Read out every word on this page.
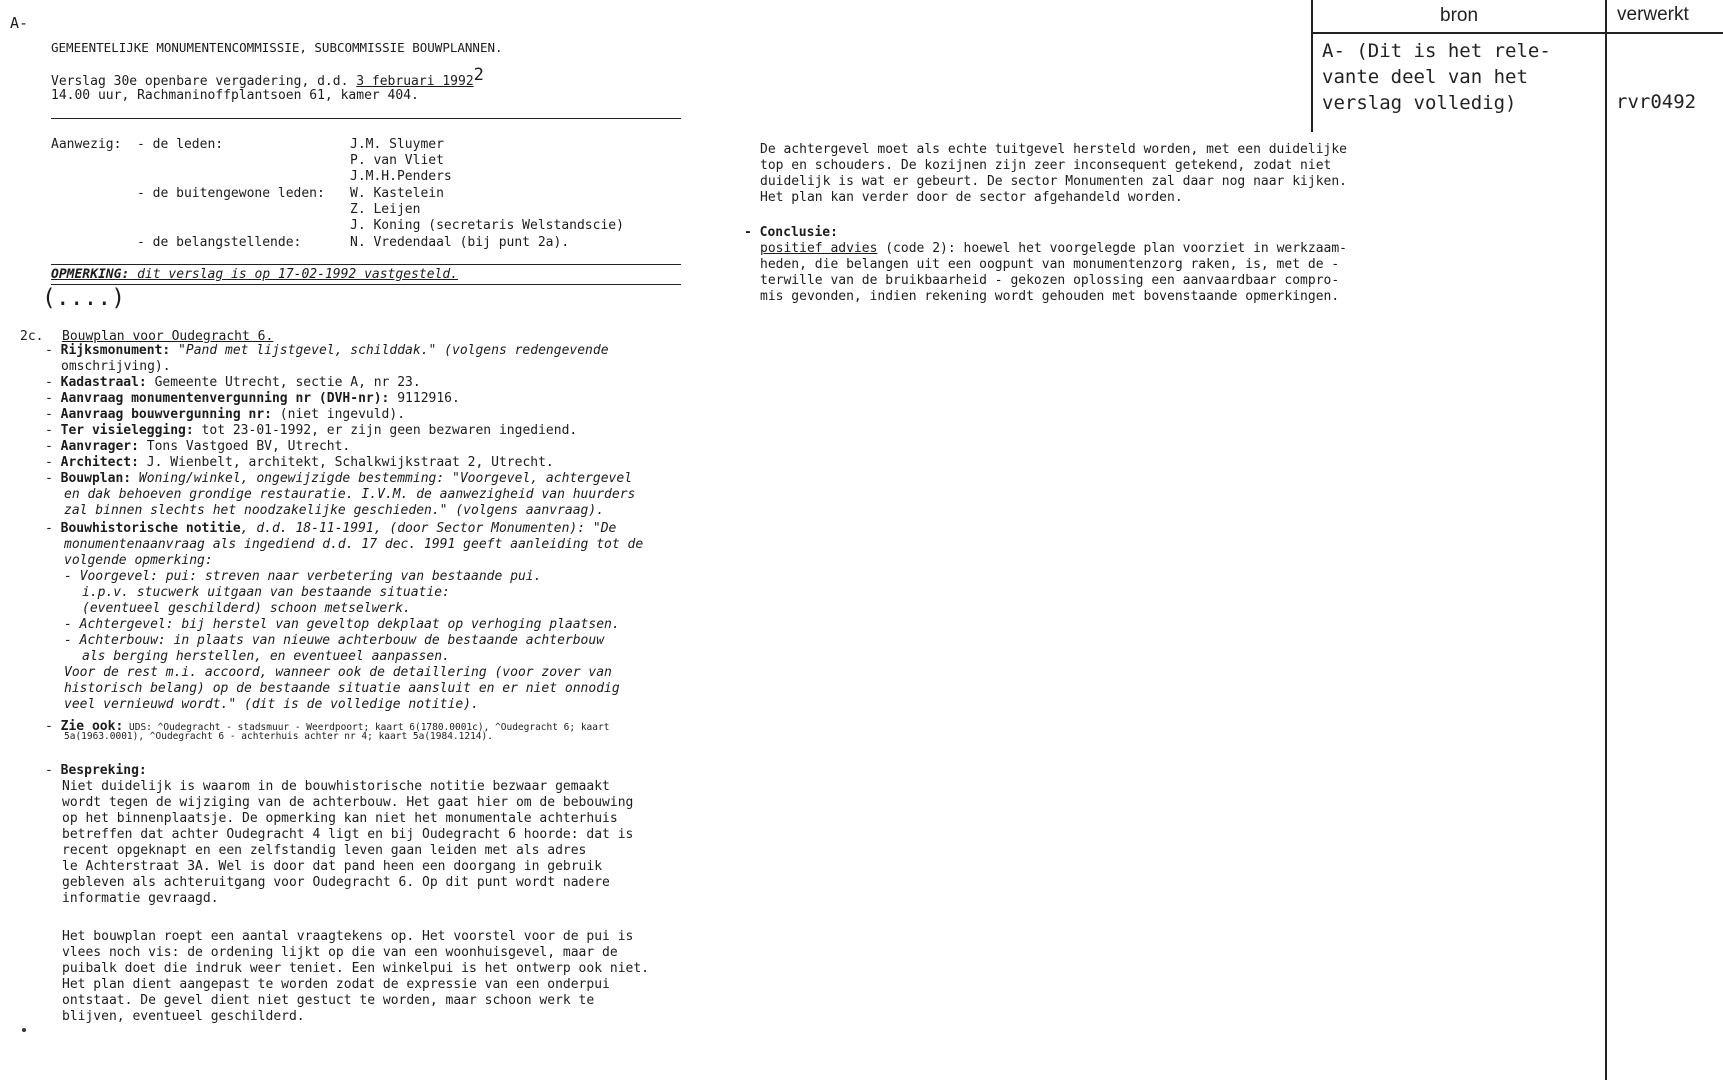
A-
GEMEENTELIJKE MONUMENTENCOMMISSIE, SUBCOMMISSIE BOUWPLANNEN.
Verslag 30e openbare vergadering, d.d. 3 februari 19922
14.00 uur, Rachmaninoffplantsoen 61, kamer 404.
Aanwezig: - de leden:	J.M. Sluymer
P. van Vliet
J.M.H.Penders
- de buitengewone leden: W. Kastelein
Z. Leijen
J. Koning (secretaris Welstandscie)
- de belangstellende:	N. Vredendaal (bij punt 2a).
OPMERKING: dit verslag is op 17-02-1992 vastgesteld.
(....)
2c. Bouwplan voor Oudegracht 6.
- Rijksmonument: "Pand met lijstgevel, schilddak." (volgens redengevende
omschrijving).
- Kadastraal: Gemeente Utrecht, sectie A, nr 23.
- Aanvraag monumentenvergunning nr (DVH-nr): 9112916.
- Aanvraag bouwvergunning nr: (niet ingevuld).
- Ter visielegging: tot 23-01-1992, er zijn geen bezwaren ingediend.
- Aanvrager: Tons Vastgoed BV, Utrecht.
- Architect: J. Wienbelt, architekt, Schalkwijkstraat 2, Utrecht.
- Bouwplan: Woning/winkel, ongewijzigde bestemming: "Voorgevel, achtergevel
en dak behoeven grondige restauratie. I.V.M. de aanwezigheid van huurders
zal binnen slechts het noodzakelijke geschieden." (volgens aanvraag).
- Bouwhistorische notitie, d.d. 18-11-1991, (door Sector Monumenten): "De
monumentenaanvraag als ingediend d.d. 17 dec. 1991 geeft aanleiding tot de
volgende opmerking:
- Voorgevel: pui: streven naar verbetering van bestaande pui.
i.p.v. stucwerk uitgaan van bestaande situatie:
(eventueel geschilderd) schoon metselwerk.
- Achtergevel: bij herstel van geveltop dekplaat op verhoging plaatsen.
- Achterbouw: in plaats van nieuwe achterbouw de bestaande achterbouw
als berging herstellen, en eventueel aanpassen.
Voor de rest m.i. accoord, wanneer ook de detaillering (voor zover van
historisch belang) op de bestaande situatie aansluit en er niet onnodig
veel vernieuwd wordt." (dit is de volledige notitie).
- Zie ook: UDS: ^Oudegracht - stadsmuur - Weerdpoort; kaart 6(1780.0001c), ^Oudegracht 6; kaart
5a(1963.0001), ^Oudegracht 6 - achterhuis achter nr 4; kaart 5a(1984.1214).
- Bespreking:
Niet duidelijk is waarom in de bouwhistorische notitie bezwaar gemaakt
wordt tegen de wijziging van de achterbouw. Het gaat hier om de bebouwing
op het binnenplaatsje. De opmerking kan niet het monumentale achterhuis
betreffen dat achter Oudegracht 4 ligt en bij Oudegracht 6 hoorde: dat is
recent opgeknapt en een zelfstandig leven gaan leiden met als adres
le Achterstraat 3A. Wel is door dat pand heen een doorgang in gebruik
gebleven als achteruitgang voor Oudegracht 6. Op dit punt wordt nadere
informatie gevraagd.
Het bouwplan roept een aantal vraagtekens op. Het voorstel voor de pui is
vlees noch vis: de ordening lijkt op die van een woonhuisgevel, maar de
puibalk doet die indruk weer teniet. Een winkelpui is het ontwerp ook niet.
Het plan dient aangepast te worden zodat de expressie van een onderpui
ontstaat. De gevel dient niet gestuct te worden, maar schoon werk te
blijven, eventueel geschilderd.
De achtergevel moet als echte tuitgevel hersteld worden, met een duidelijke
top en schouders. De kozijnen zijn zeer inconsequent getekend, zodat niet
duidelijk is wat er gebeurt. De sector Monumenten zal daar nog naar kijken.
Het plan kan verder door de sector afgehandeld worden.
- Conclusie:
positief advies (code 2): hoewel het voorgelegde plan voorziet in werkzaam-
heden, die belangen uit een oogpunt van monumentenzorg raken, is, met de -
terwille van de bruikbaarheid - gekozen oplossing een aanvaardbaar compro-
mis gevonden, indien rekening wordt gehouden met bovenstaande opmerkingen.
bron	verwerkt
A- (Dit is het rele-
vante deel van het
verslag volledig)	rvr0492
